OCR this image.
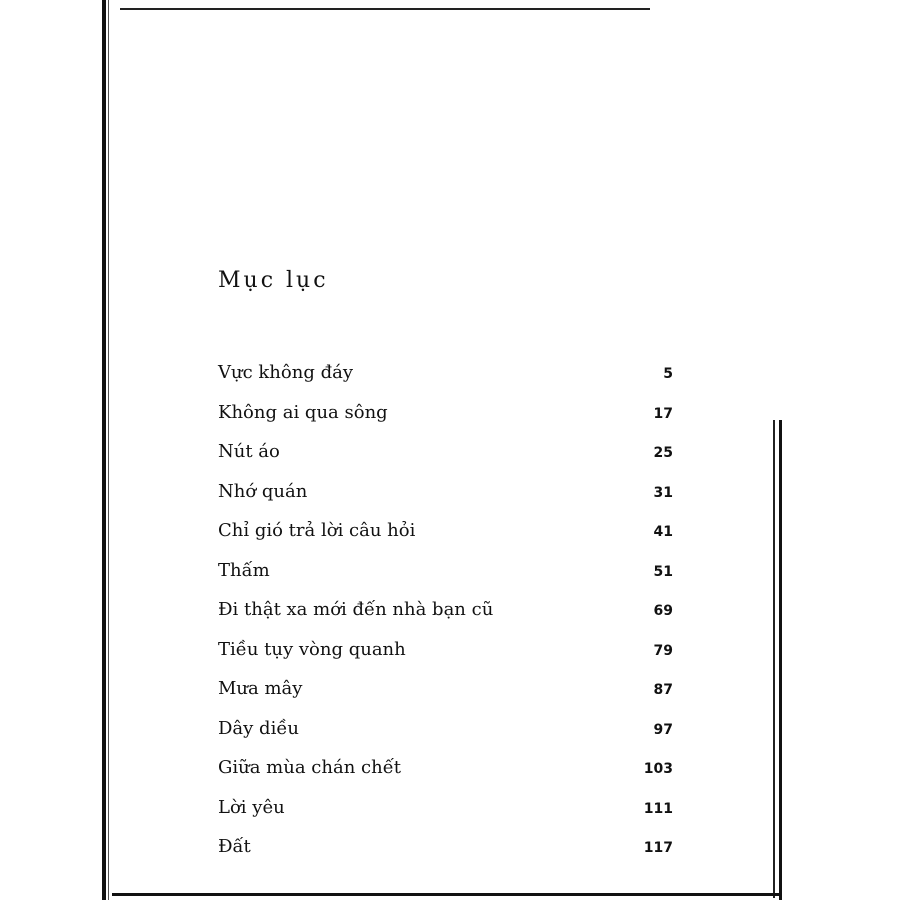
Mục lục
Vực không đáy	5
Không ai qua sông	17
Nút áo	25
Nhớ quán	31
Chỉ gió trả lời câu hỏi	41
Thấm	51
Đi thật xa mới đến nhà bạn cũ	69
Tiều tụy vòng quanh	79
Mưa mây	87
Dây diều	97
Giữa mùa chán chết	103
Lời yêu	111
Đất	117
